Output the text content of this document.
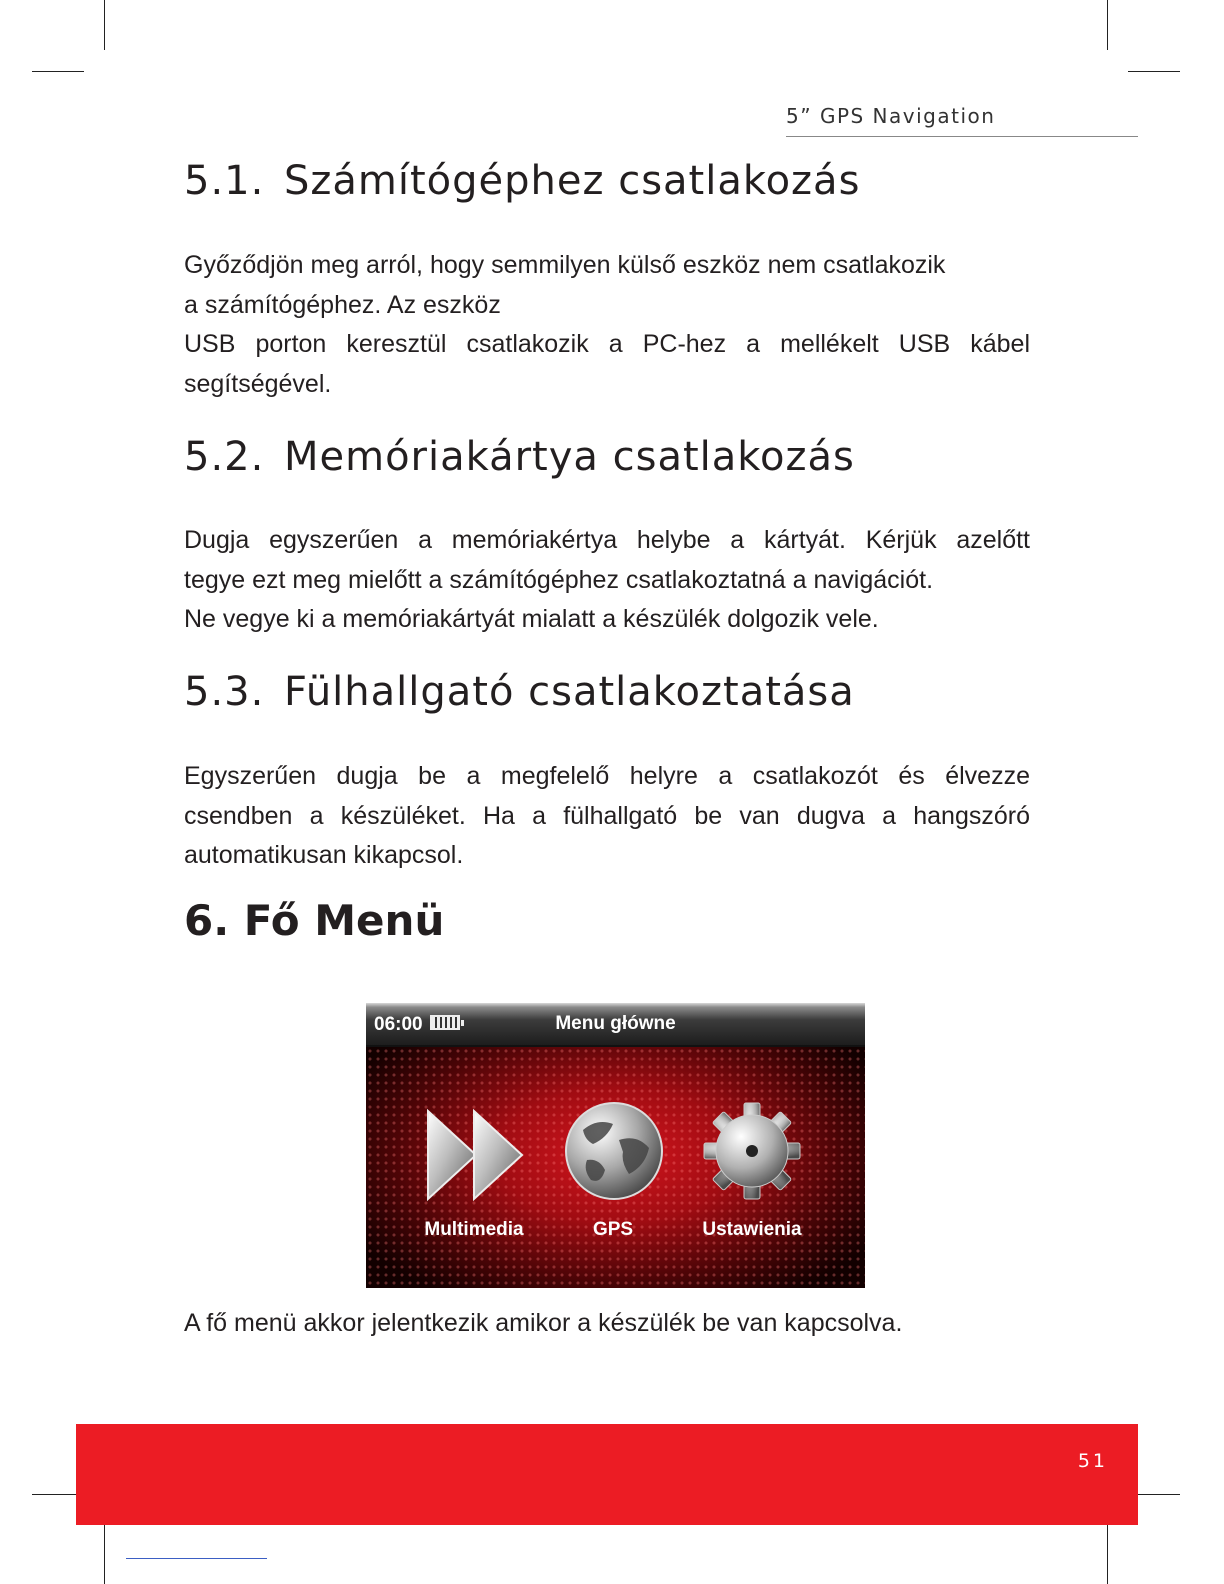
5” GPS Navigation
5.1. Számítógéphez csatlakozás

Győződjön meg arról, hogy semmilyen külső eszköz nem csatlakozik
a számítógéphez. Az eszköz
USB porton keresztül csatlakozik a PC-hez a mellékelt USB kábel
segítségével.

5.2. Memóriakártya csatlakozás

Dugja egyszerűen a memóriakértya helybe a kártyát. Kérjük azelőtt
tegye ezt meg mielőtt a számítógéphez csatlakoztatná a navigációt.
Ne vegye ki a memóriakártyát mialatt a készülék dolgozik vele.

5.3. Fülhallgató csatlakoztatása

Egyszerűen dugja be a megfelelő helyre a csatlakozót és élvezze
csendben a készüléket. Ha a fülhallgató be van dugva a hangszóró
automatikusan kikapcsol.

6. Fő Menü
06:00	Menu główne
Multimedia	GPS	Ustawienia

A fő menü akkor jelentkezik amikor a készülék be van kapcsolva.

51
